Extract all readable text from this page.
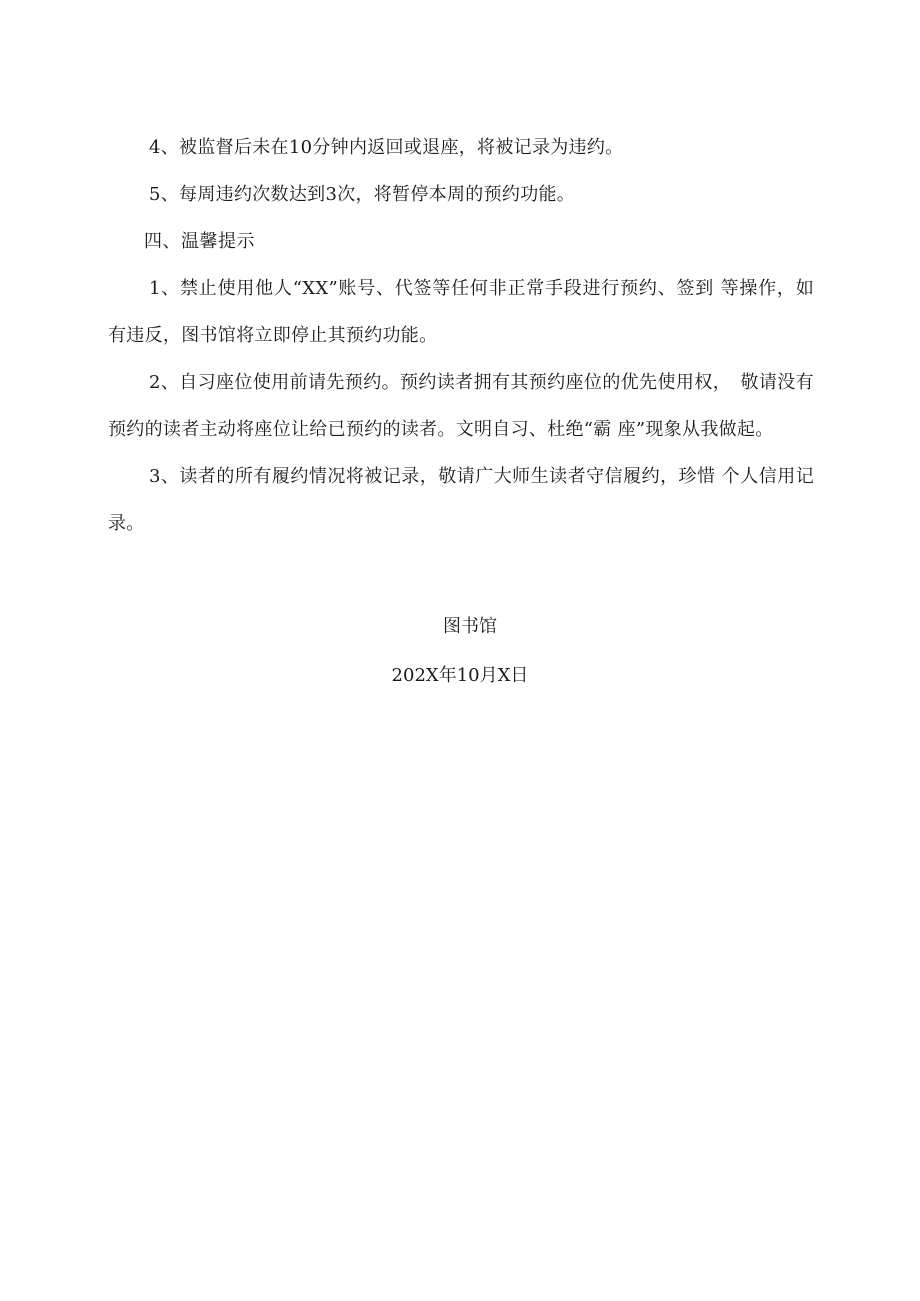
4、被监督后未在10分钟内返回或退座，将被记录为违约。

5、每周违约次数达到3次，将暂停本周的预约功能。

四、温馨提示

1、禁止使用他人“XX”账号、代签等任何非正常手段进行预约、签到 等操作，如有违反，图书馆将立即停止其预约功能。

2、自习座位使用前请先预约。预约读者拥有其预约座位的优先使用权，　敬请没有预约的读者主动将座位让给已预约的读者。文明自习、杜绝“霸 座”现象从我做起。

3、读者的所有履约情况将被记录，敬请广大师生读者守信履约，珍惜 个人信用记录。

图书馆

202X年10月X日
